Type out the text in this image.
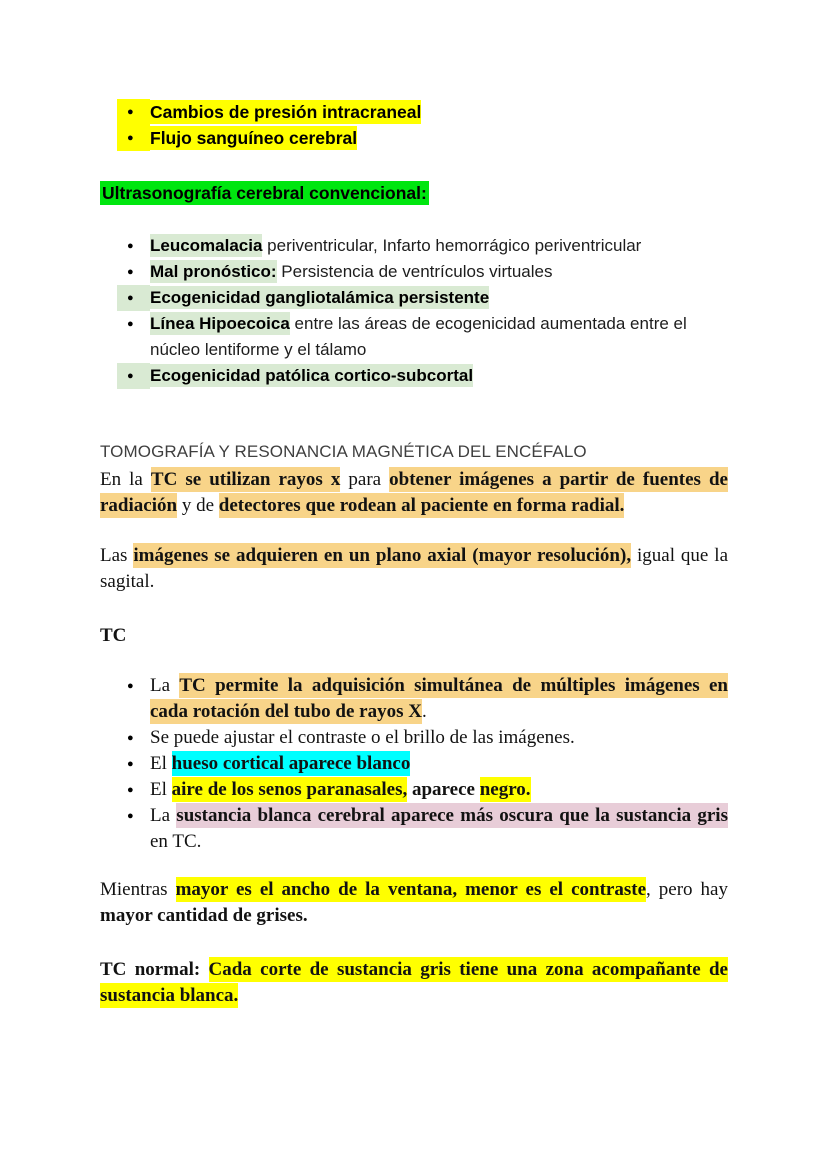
● Cambios de presión intracraneal
● Flujo sanguíneo cerebral
Ultrasonografía cerebral convencional:
● Leucomalacia periventricular, Infarto hemorrágico periventricular
● Mal pronóstico: Persistencia de ventrículos virtuales
● Ecogenicidad gangliotalámica persistente
● Línea Hipoecoica entre las áreas de ecogenicidad aumentada entre el núcleo lentiforme y el tálamo
● Ecogenicidad patólica cortico-subcortal
TOMOGRAFÍA Y RESONANCIA MAGNÉTICA DEL ENCÉFALO

En la TC se utilizan rayos x para obtener imágenes a partir de fuentes de radiación y de detectores que rodean al paciente en forma radial.

Las imágenes se adquieren en un plano axial (mayor resolución), igual que la sagital.

TC

● La TC permite la adquisición simultánea de múltiples imágenes en cada rotación del tubo de rayos X.
● Se puede ajustar el contraste o el brillo de las imágenes.
● El hueso cortical aparece blanco
● El aire de los senos paranasales, aparece negro.
● La sustancia blanca cerebral aparece más oscura que la sustancia gris en TC.

Mientras mayor es el ancho de la ventana, menor es el contraste, pero hay mayor cantidad de grises.

TC normal: Cada corte de sustancia gris tiene una zona acompañante de sustancia blanca.
